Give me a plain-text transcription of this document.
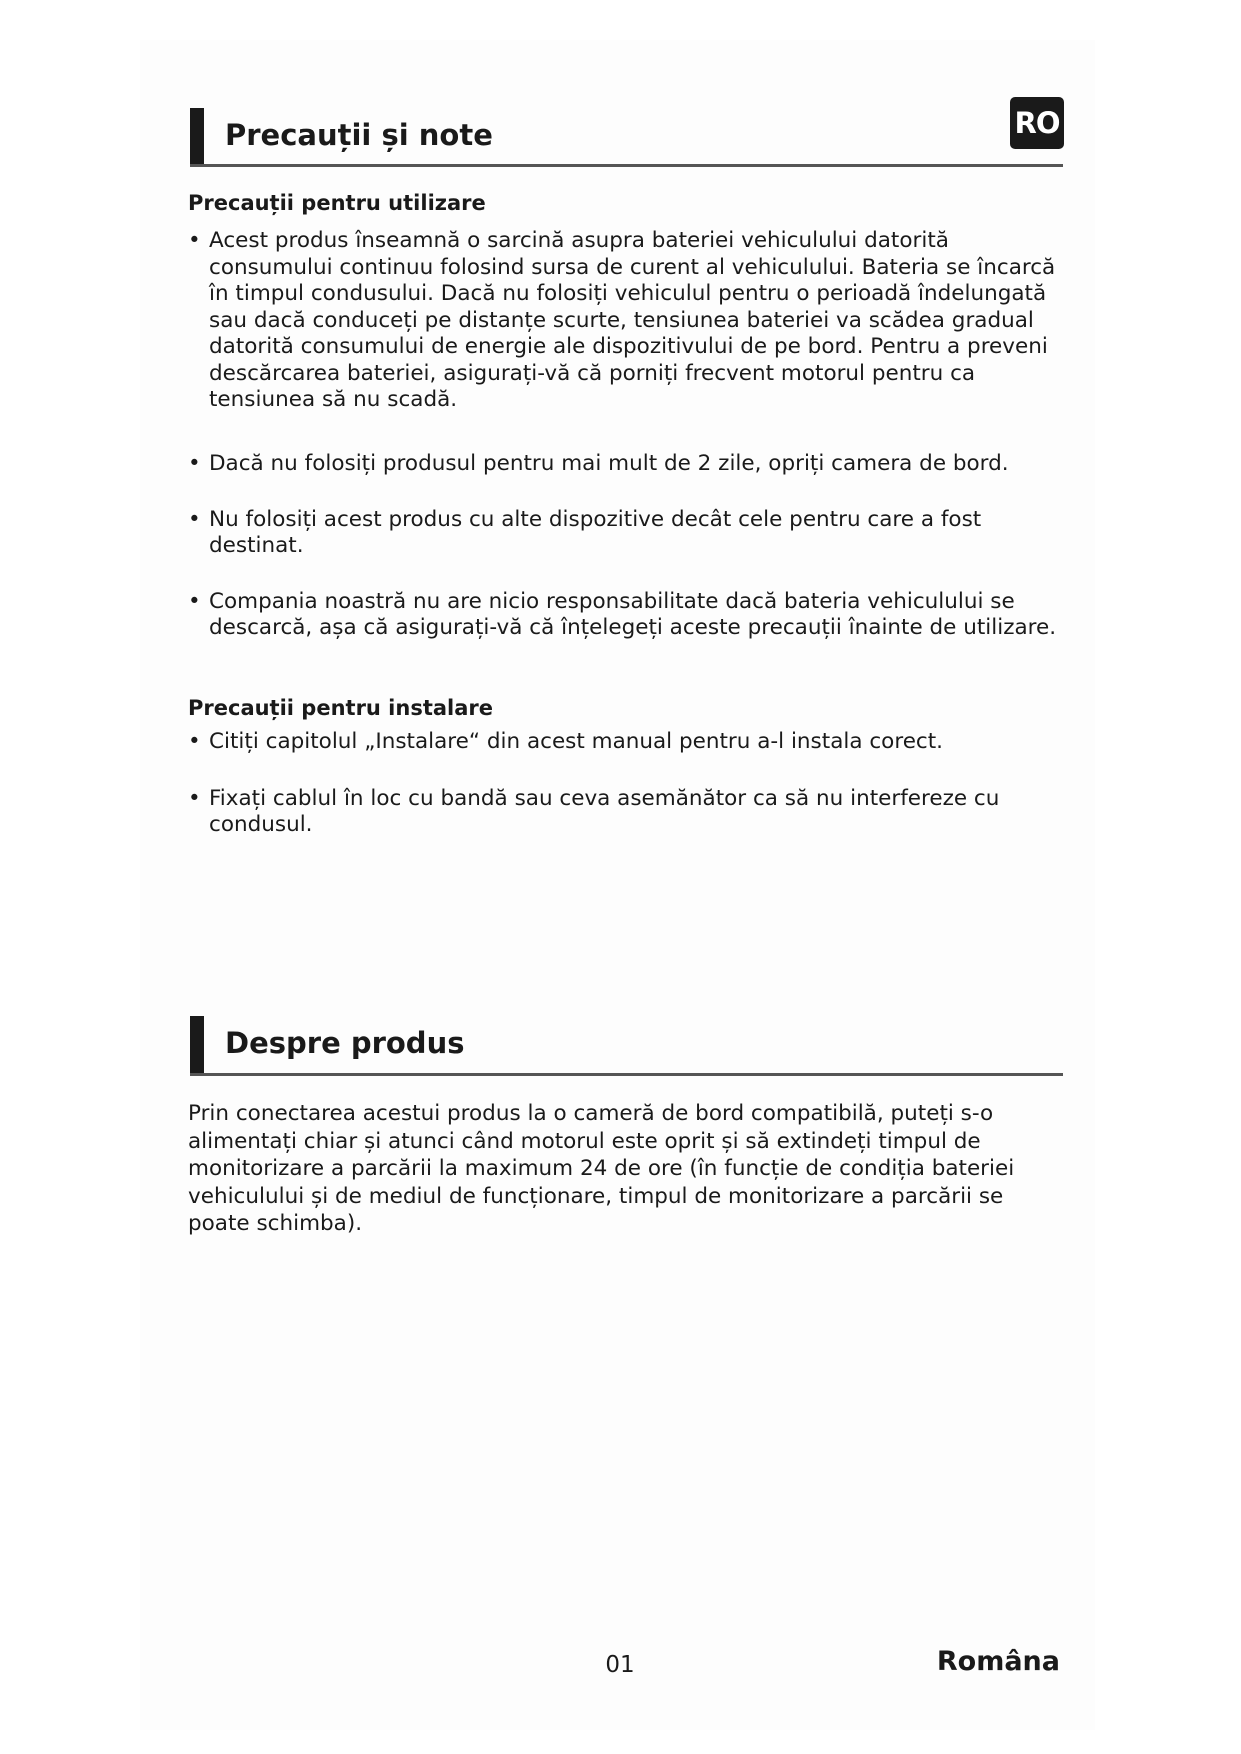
RO
Precauții și note
Precauții pentru utilizare
• Acest produs înseamnă o sarcină asupra bateriei vehiculului datorită consumului continuu folosind sursa de curent al vehiculului. Bateria se încarcă în timpul condusului. Dacă nu folosiți vehiculul pentru o perioadă îndelungată sau dacă conduceți pe distanțe scurte, tensiunea bateriei va scădea gradual datorită consumului de energie ale dispozitivului de pe bord. Pentru a preveni descărcarea bateriei, asigurați-vă că porniți frecvent motorul pentru ca tensiunea să nu scadă.
• Dacă nu folosiți produsul pentru mai mult de 2 zile, opriți camera de bord.
• Nu folosiți acest produs cu alte dispozitive decât cele pentru care a fost destinat.
• Compania noastră nu are nicio responsabilitate dacă bateria vehiculului se descarcă, așa că asigurați-vă că înțelegeți aceste precauții înainte de utilizare.
Precauții pentru instalare
• Citiți capitolul „Instalare“ din acest manual pentru a-l instala corect.
• Fixați cablul în loc cu bandă sau ceva asemănător ca să nu interfereze cu condusul.
Despre produs
Prin conectarea acestui produs la o cameră de bord compatibilă, puteți s-o alimentați chiar și atunci când motorul este oprit și să extindeți timpul de monitorizare a parcării la maximum 24 de ore (în funcție de condiția bateriei vehiculului și de mediul de funcționare, timpul de monitorizare a parcării se poate schimba).
01	Româna
